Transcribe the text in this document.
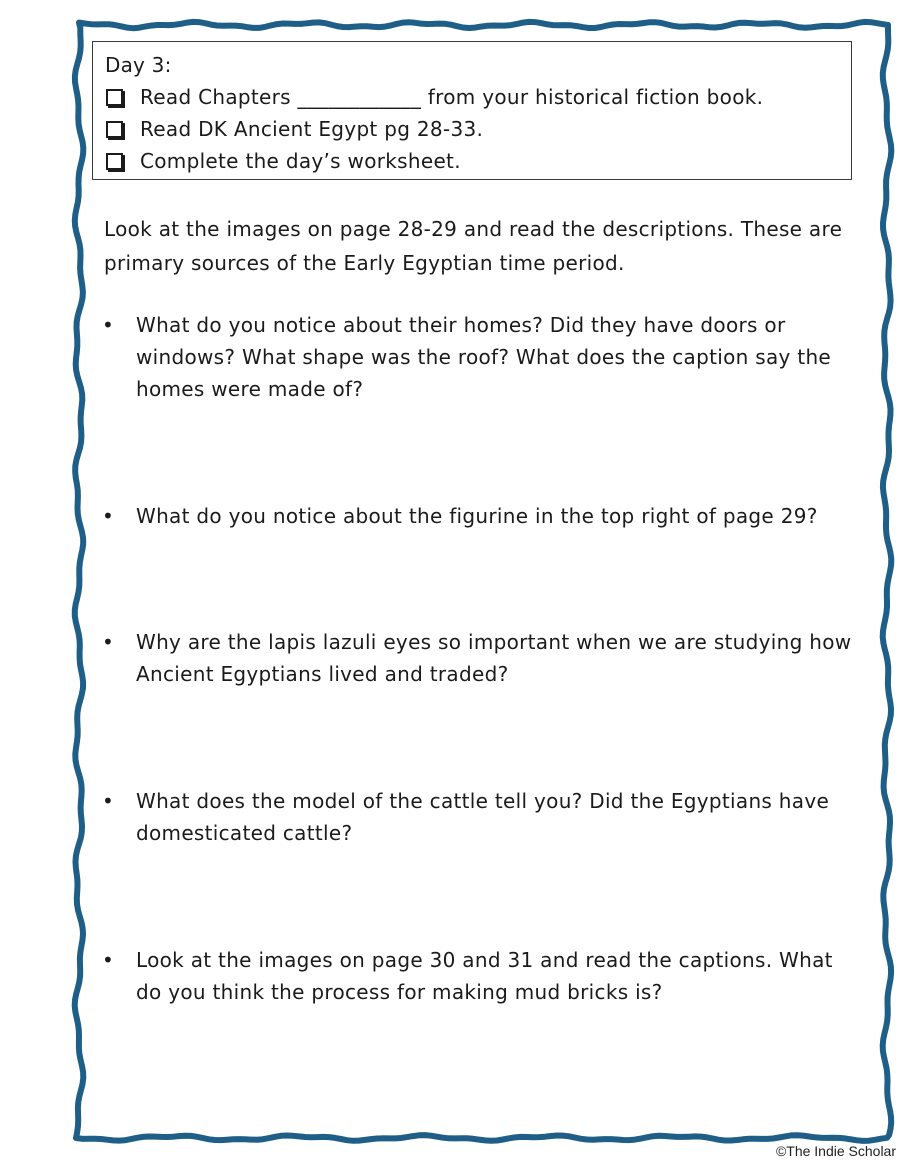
Day 3:
Read Chapters ____________ from your historical fiction book.
Read DK Ancient Egypt pg 28-33.
Complete the day’s worksheet.
Look at the images on page 28-29 and read the descriptions. These are primary sources of the Early Egyptian time period.
•	What do you notice about their homes? Did they have doors or windows? What shape was the roof? What does the caption say the homes were made of?
•	What do you notice about the figurine in the top right of page 29?
•	Why are the lapis lazuli eyes so important when we are studying how Ancient Egyptians lived and traded?
•	What does the model of the cattle tell you? Did the Egyptians have domesticated cattle?
•	Look at the images on page 30 and 31 and read the captions. What do you think the process for making mud bricks is?
©The Indie Scholar
